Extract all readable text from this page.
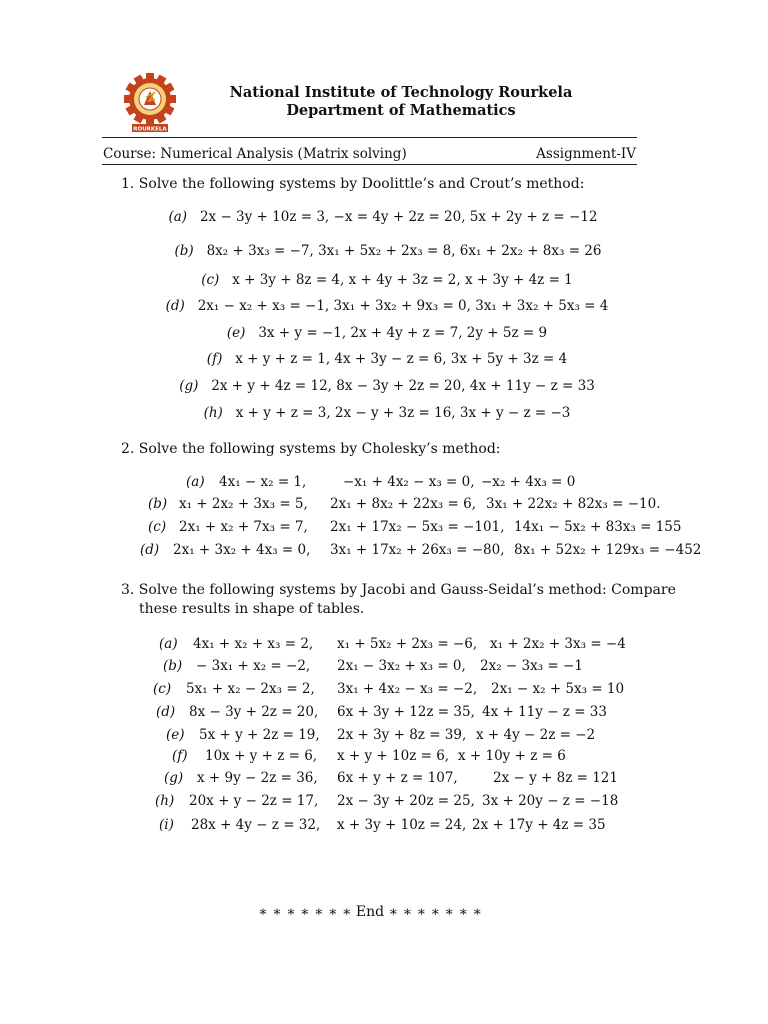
ROURKELA
National Institute of Technology Rourkela
Department of Mathematics
Course: Numerical Analysis (Matrix solving)	Assignment-IV
1. Solve the following systems by Doolittle’s and Crout’s method:
(a) 2x − 3y + 10z = 3, −x = 4y + 2z = 20, 5x + 2y + z = −12
(b) 8x₂ + 3x₃ = −7, 3x₁ + 5x₂ + 2x₃ = 8, 6x₁ + 2x₂ + 8x₃ = 26
(c) x + 3y + 8z = 4, x + 4y + 3z = 2, x + 3y + 4z = 1
(d) 2x₁ − x₂ + x₃ = −1, 3x₁ + 3x₂ + 9x₃ = 0, 3x₁ + 3x₂ + 5x₃ = 4
(e) 3x + y = −1, 2x + 4y + z = 7, 2y + 5z = 9
(f) x + y + z = 1, 4x + 3y − z = 6, 3x + 5y + 3z = 4
(g) 2x + y + 4z = 12, 8x − 3y + 2z = 20, 4x + 11y − z = 33
(h) x + y + z = 3, 2x − y + 3z = 16, 3x + y − z = −3
2. Solve the following systems by Cholesky’s method:
(a) 4x₁ − x₂ = 1,	−x₁ + 4x₂ − x₃ = 0, −x₂ + 4x₃ = 0
(b) x₁ + 2x₂ + 3x₃ = 5, 2x₁ + 8x₂ + 22x₃ = 6, 3x₁ + 22x₂ + 82x₃ = −10.
(c) 2x₁ + x₂ + 7x₃ = 7, 2x₁ + 17x₂ − 5x₃ = −101, 14x₁ − 5x₂ + 83x₃ = 155
(d) 2x₁ + 3x₂ + 4x₃ = 0, 3x₁ + 17x₂ + 26x₃ = −80, 8x₁ + 52x₂ + 129x₃ = −452
3. Solve the following systems by Jacobi and Gauss-Seidal’s method: Compare
these results in shape of tables.
(a) 4x₁ + x₂ + x₃ = 2, x₁ + 5x₂ + 2x₃ = −6, x₁ + 2x₂ + 3x₃ = −4
(b) − 3x₁ + x₂ = −2, 2x₁ − 3x₂ + x₃ = 0, 2x₂ − 3x₃ = −1
(c) 5x₁ + x₂ − 2x₃ = 2, 3x₁ + 4x₂ − x₃ = −2, 2x₁ − x₂ + 5x₃ = 10
(d) 8x − 3y + 2z = 20, 6x + 3y + 12z = 35, 4x + 11y − z = 33
(e) 5x + y + 2z = 19, 2x + 3y + 8z = 39, x + 4y − 2z = −2
(f) 10x + y + z = 6, x + y + 10z = 6, x + 10y + z = 6
(g) x + 9y − 2z = 36, 6x + y + z = 107,	2x − y + 8z = 121
(h) 20x + y − 2z = 17, 2x − 3y + 20z = 25, 3x + 20y − z = −18
(i) 28x + 4y − z = 32, x + 3y + 10z = 24, 2x + 17y + 4z = 35
∗ ∗ ∗ ∗ ∗ ∗ ∗ End ∗ ∗ ∗ ∗ ∗ ∗ ∗
